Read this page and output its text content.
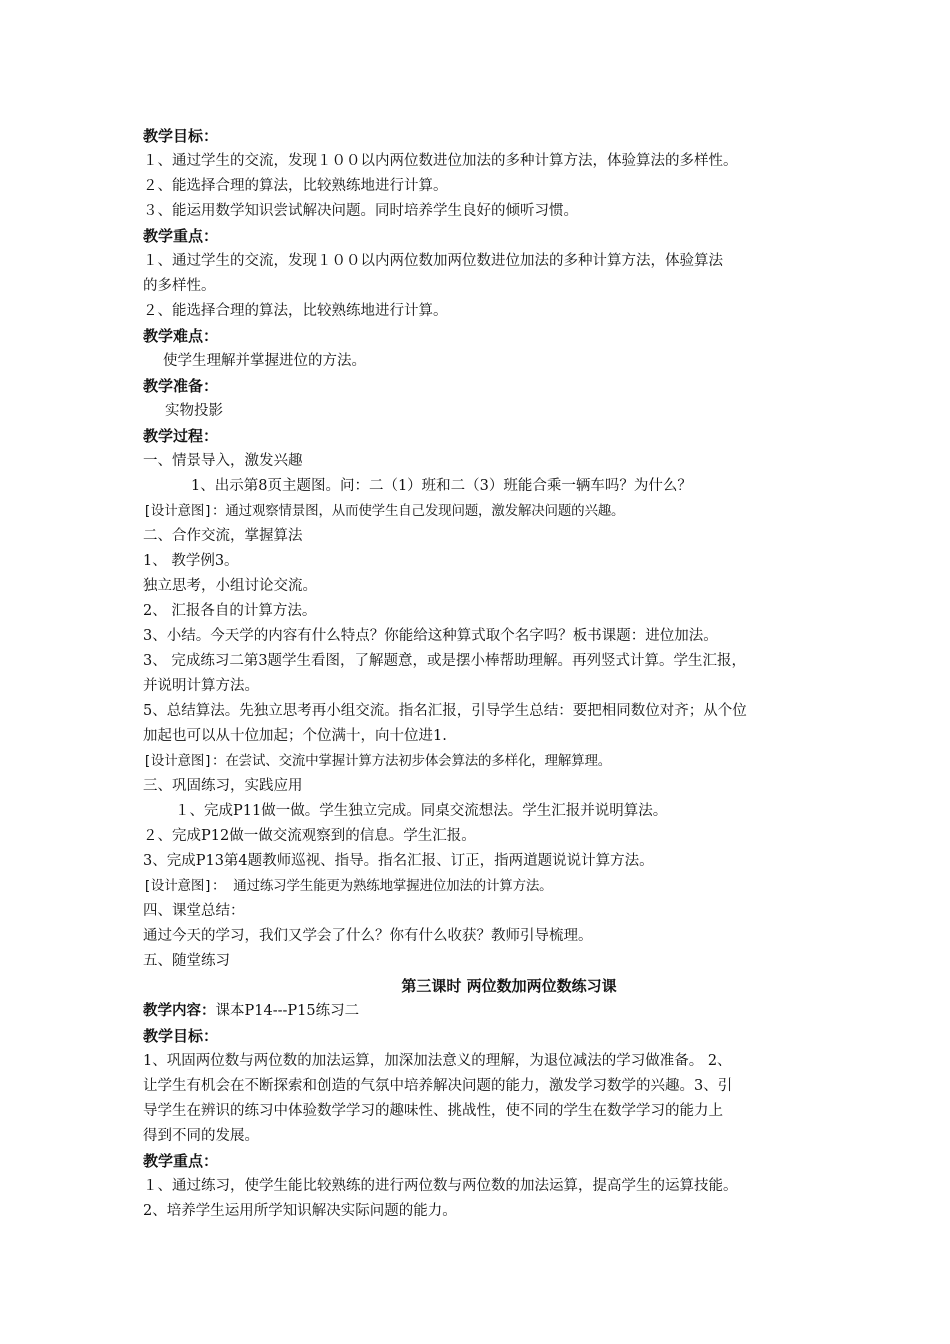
教学目标：
１、通过学生的交流，发现１００以内两位数进位加法的多种计算方法，体验算法的多样性。
２、能选择合理的算法，比较熟练地进行计算。
３、能运用数学知识尝试解决问题。同时培养学生良好的倾听习惯。
教学重点：
１、通过学生的交流，发现１００以内两位数加两位数进位加法的多种计算方法，体验算法
的多样性。
２、能选择合理的算法，比较熟练地进行计算。
教学难点：
使学生理解并掌握进位的方法。
教学准备：
实物投影
教学过程：
一、情景导入，激发兴趣
1、出示第8页主题图。问：二（1）班和二（3）班能合乘一辆车吗？为什么？
[设计意图]：通过观察情景图，从而使学生自己发现问题，激发解决问题的兴趣。
二、合作交流，掌握算法
1、 教学例3。
独立思考，小组讨论交流。
2、 汇报各自的计算方法。
3、小结。今天学的内容有什么特点？你能给这种算式取个名字吗？板书课题：进位加法。
3、 完成练习二第3题学生看图，了解题意，或是摆小棒帮助理解。再列竖式计算。学生汇报，
并说明计算方法。
5、总结算法。先独立思考再小组交流。指名汇报，引导学生总结：要把相同数位对齐；从个位
加起也可以从十位加起；个位满十，向十位进1.
[设计意图]：在尝试、交流中掌握计算方法初步体会算法的多样化，理解算理。
三、巩固练习，实践应用
１、完成P11做一做。学生独立完成。同桌交流想法。学生汇报并说明算法。
２、完成P12做一做交流观察到的信息。学生汇报。
3、完成P13第4题教师巡视、指导。指名汇报、订正，指两道题说说计算方法。
[设计意图]： 通过练习学生能更为熟练地掌握进位加法的计算方法。
四、课堂总结：
通过今天的学习，我们又学会了什么？你有什么收获？教师引导梳理。
五、随堂练习
第三课时 两位数加两位数练习课
教学内容：课本P14---P15练习二
教学目标：
1、巩固两位数与两位数的加法运算，加深加法意义的理解，为退位减法的学习做准备。 2、
让学生有机会在不断探索和创造的气氛中培养解决问题的能力，激发学习数学的兴趣。3、引
导学生在辨识的练习中体验数学学习的趣味性、挑战性，使不同的学生在数学学习的能力上
得到不同的发展。
教学重点：
１、通过练习，使学生能比较熟练的进行两位数与两位数的加法运算，提高学生的运算技能。
2、培养学生运用所学知识解决实际问题的能力。
